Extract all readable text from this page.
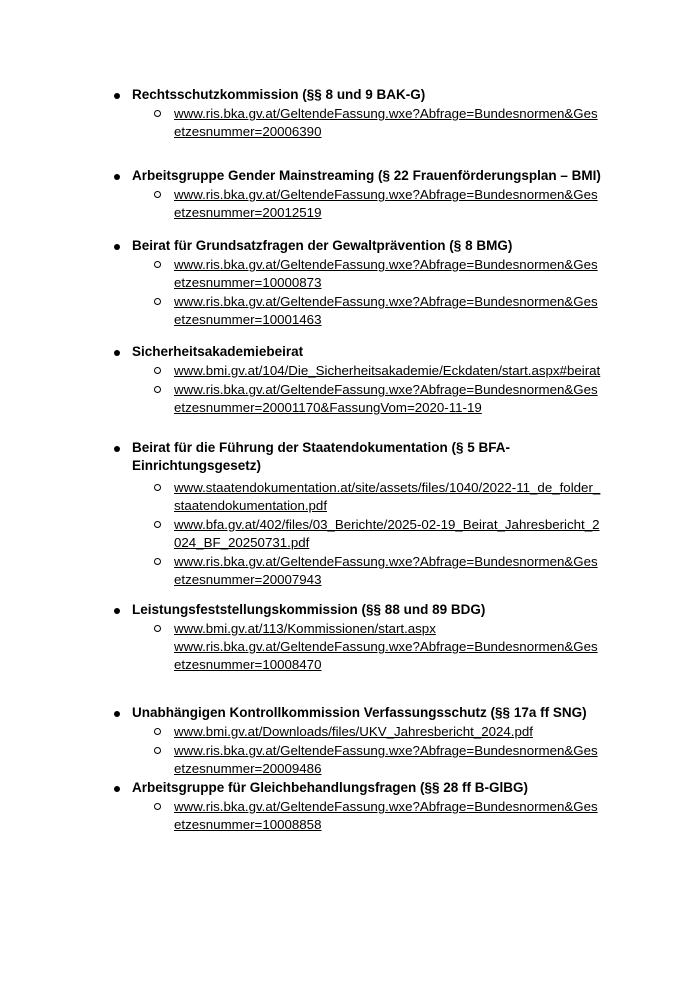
Rechtsschutzkommission (§§ 8 und 9 BAK-G)

www.ris.bka.gv.at/GeltendeFassung.wxe?Abfrage=Bundesnormen&Gesetzesnummer=20006390

Arbeitsgruppe Gender Mainstreaming (§ 22 Frauenförderungsplan – BMI)

www.ris.bka.gv.at/GeltendeFassung.wxe?Abfrage=Bundesnormen&Gesetzesnummer=20012519

Beirat für Grundsatzfragen der Gewaltprävention (§ 8 BMG)

www.ris.bka.gv.at/GeltendeFassung.wxe?Abfrage=Bundesnormen&Gesetzesnummer=10000873
www.ris.bka.gv.at/GeltendeFassung.wxe?Abfrage=Bundesnormen&Gesetzesnummer=10001463

Sicherheitsakademiebeirat

www.bmi.gv.at/104/Die_Sicherheitsakademie/Eckdaten/start.aspx#beirat
www.ris.bka.gv.at/GeltendeFassung.wxe?Abfrage=Bundesnormen&Gesetzesnummer=20001170&FassungVom=2020-11-19

Beirat für die Führung der Staatendokumentation (§ 5 BFA-Einrichtungsgesetz)

www.staatendokumentation.at/site/assets/files/1040/2022-11_de_folder_staatendokumentation.pdf
www.bfa.gv.at/402/files/03_Berichte/2025-02-19_Beirat_Jahresbericht_2024_BF_20250731.pdf
www.ris.bka.gv.at/GeltendeFassung.wxe?Abfrage=Bundesnormen&Gesetzesnummer=20007943

Leistungsfeststellungskommission (§§ 88 und 89 BDG)

www.bmi.gv.at/113/Kommissionen/start.aspx
www.ris.bka.gv.at/GeltendeFassung.wxe?Abfrage=Bundesnormen&Gesetzesnummer=10008470

Unabhängigen Kontrollkommission Verfassungsschutz (§§ 17a ff SNG)

www.bmi.gv.at/Downloads/files/UKV_Jahresbericht_2024.pdf
www.ris.bka.gv.at/GeltendeFassung.wxe?Abfrage=Bundesnormen&Gesetzesnummer=20009486

Arbeitsgruppe für Gleichbehandlungsfragen (§§ 28 ff B-GlBG)

www.ris.bka.gv.at/GeltendeFassung.wxe?Abfrage=Bundesnormen&Gesetzesnummer=10008858
